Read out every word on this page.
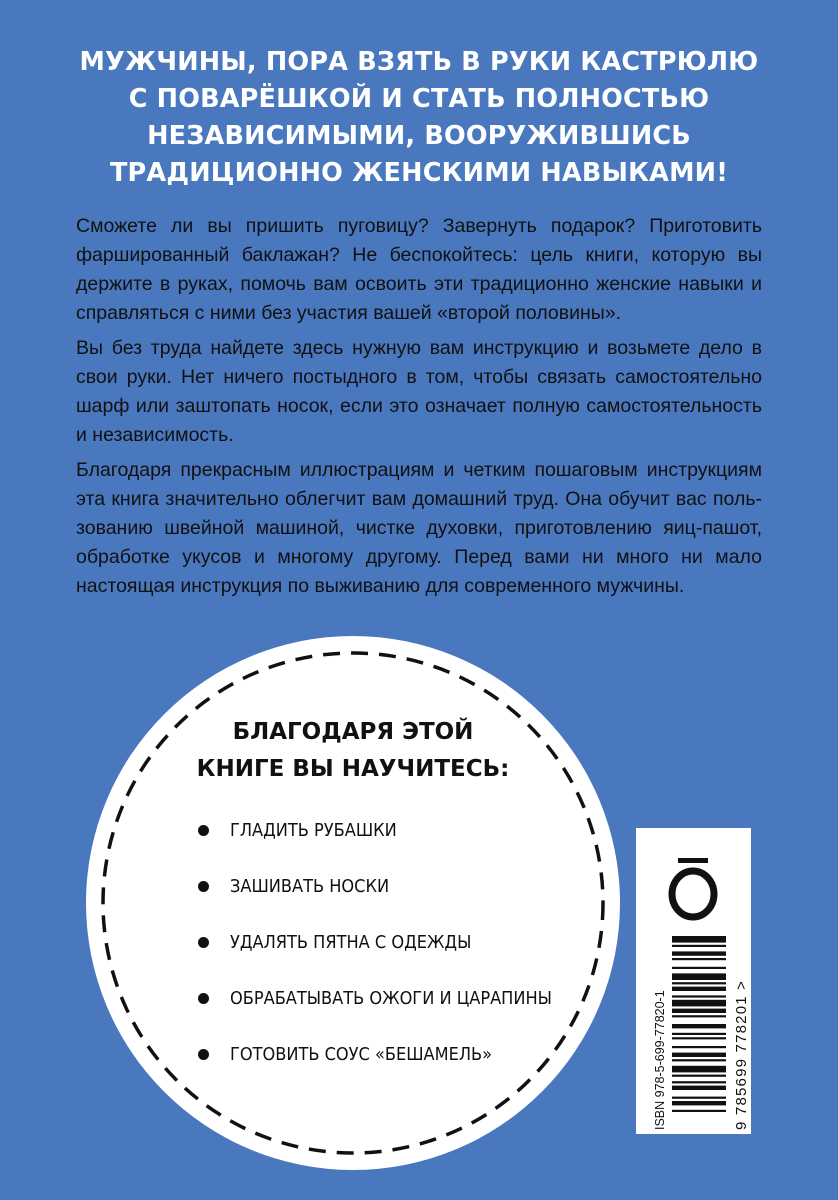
МУЖЧИНЫ, ПОРА ВЗЯТЬ В РУКИ КАСТРЮЛЮ
С ПОВАРЁШКОЙ И СТАТЬ ПОЛНОСТЬЮ
НЕЗАВИСИМЫМИ, ВООРУЖИВШИСЬ
ТРАДИЦИОННО ЖЕНСКИМИ НАВЫКАМИ!

Сможете ли вы пришить пуговицу? Завернуть подарок? Приготовить фаршированный баклажан? Не беспокойтесь: цель книги, которую вы держите в руках, помочь вам освоить эти традиционно женские навыки и справляться с ними без участия вашей «второй половины».

Вы без труда найдете здесь нужную вам инструкцию и возьмете дело в свои руки. Нет ничего постыдного в том, чтобы связать самостоятельно шарф или заштопать носок, если это означает полную самостоятельность и независимость.

Благодаря прекрасным иллюстрациям и четким пошаговым инструкциям эта книга значительно облегчит вам домашний труд. Она обучит вас пользованию швейной машиной, чистке духовки, приготовлению яиц-пашот, обработке укусов и многому другому. Перед вами ни много ни мало настоящая инструкция по выживанию для современного мужчины.

БЛАГОДАРЯ ЭТОЙ
КНИГЕ ВЫ НАУЧИТЕСЬ:
ГЛАДИТЬ РУБАШКИ
ЗАШИВАТЬ НОСКИ
УДАЛЯТЬ ПЯТНА С ОДЕЖДЫ
ОБРАБАТЫВАТЬ ОЖОГИ И ЦАРАПИНЫ
ГОТОВИТЬ СОУС «БЕШАМЕЛЬ»	ISBN 978-5-699-77820-1	9 785699 778201 >
